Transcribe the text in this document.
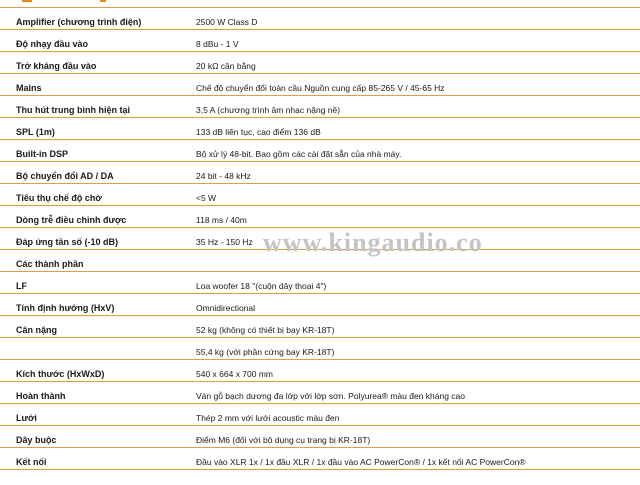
Amplifier (chương trình điện)	2500 W Class D
Độ nhạy đầu vào	8 dBu - 1 V
Trở kháng đầu vào	20 kΩ cân bằng
Mains	Chế độ chuyển đổi toàn cầu Nguồn cung cấp 85-265 V / 45-65 Hz
Thu hút trung bình hiện tại	3,5 A (chương trình âm nhạc nặng nề)
SPL (1m)	133 dB liên tục, cao điểm 136 dB
Built-in DSP	Bộ xử lý 48-bit. Bao gồm các cài đặt sẵn của nhà máy.
Bộ chuyển đổi AD / DA	24 bit - 48 kHz
Tiêu thụ chế độ chờ	<5 W
Dòng trễ điều chỉnh được	118 ms / 40m
Đáp ứng tần số (-10 dB)	35 Hz - 150 Hz
Các thành phần
LF	Loa woofer 18 "(cuộn dây thoại 4")
Tính định hướng (HxV)	Omnidirectional
Cân nặng	52 kg (không có thiết bị bay KR-18T)
55,4 kg (với phần cứng bay KR-18T)
Kích thước (HxWxD)	540 x 664 x 700 mm
Hoàn thành	Ván gỗ bạch dương đa lớp với lớp sơn. Polyurea® màu đen kháng cao
Lưới	Thép 2 mm với lưới acoustic màu đen
Dây buộc	Điểm M6 (đối với bộ dụng cụ trang bị KR-18T)
Kết nối	Đầu vào XLR 1x / 1x đầu XLR / 1x đầu vào AC PowerCon® / 1x kết nối AC PowerCon®
www.kingaudio.co
